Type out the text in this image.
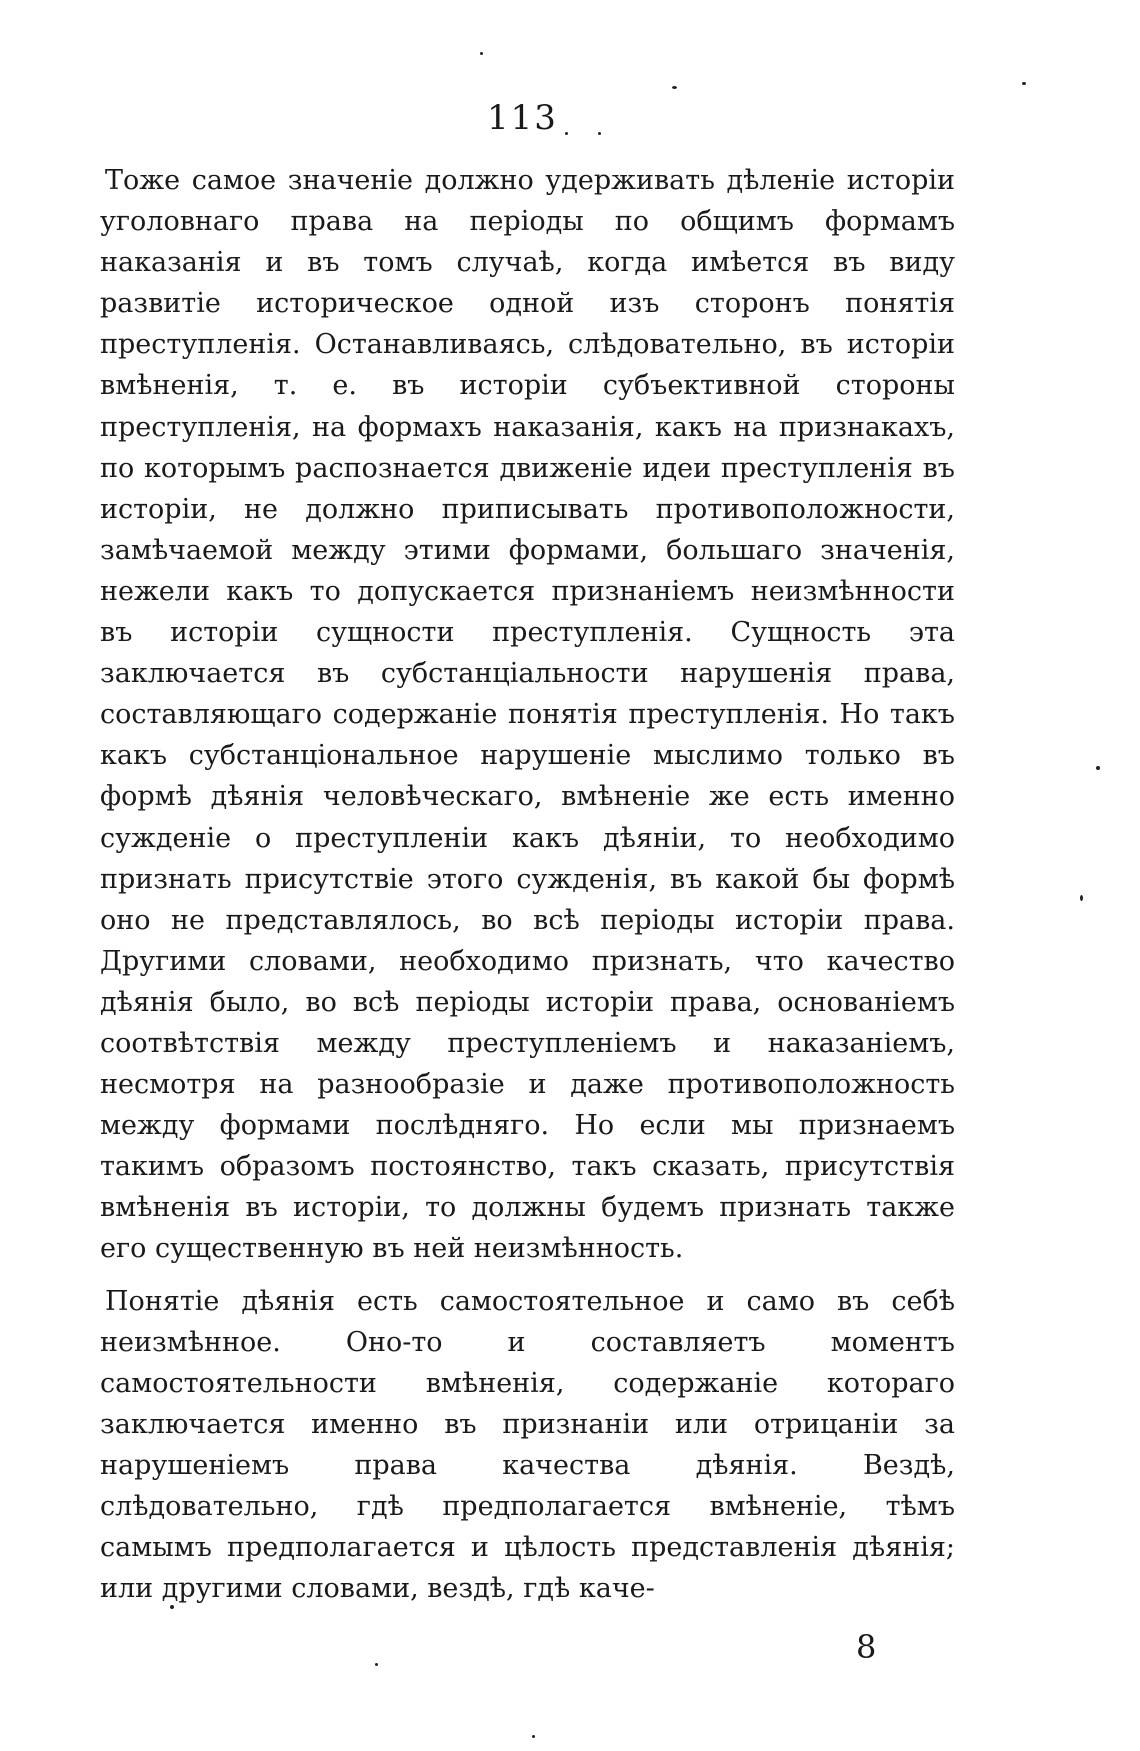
113

Тоже самое значеніе должно удерживать дѣленіе исторіи уголовнаго права на періоды по общимъ формамъ наказанія и въ томъ случаѣ, когда имѣется въ виду развитіе историческое одной изъ сторонъ понятія преступленія. Останавливаясь, слѣдовательно, въ исторіи вмѣненія, т. е. въ исторіи субъективной стороны преступленія, на формахъ наказанія, какъ на признакахъ, по которымъ распознается движеніе идеи преступленія въ исторіи, не должно приписывать противоположности, замѣчаемой между этими формами, большаго значенія, нежели какъ то допускается признаніемъ неизмѣнности въ исторіи сущности преступленія. Сущность эта заключается въ субстанціальности нарушенія права, составляющаго содержаніе понятія преступленія. Но такъ какъ субстанціональное нарушеніе мыслимо только въ формѣ дѣянія человѣческаго, вмѣненіе же есть именно сужденіе о преступленіи какъ дѣяніи, то необходимо признать присутствіе этого сужденія, въ какой бы формѣ оно не представлялось, во всѣ періоды исторіи права. Другими словами, необходимо признать, что качество дѣянія было, во всѣ періоды исторіи права, основаніемъ соотвѣтствія между преступленіемъ и наказаніемъ, несмотря на разнообразіе и даже противоположность между формами послѣдняго. Но если мы признаемъ такимъ образомъ постоянство, такъ сказать, присутствія вмѣненія въ исторіи, то должны будемъ признать также его существенную въ ней неизмѣнность.

Понятіе дѣянія есть самостоятельное и само въ себѣ неизмѣнное. Оно-то и составляетъ моментъ самостоятельности вмѣненія, содержаніе котораго заключается именно въ признаніи или отрицаніи за нарушеніемъ права качества дѣянія. Вездѣ, слѣдовательно, гдѣ предполагается вмѣненіе, тѣмъ самымъ предполагается и цѣлость представленія дѣянія; или другими словами, вездѣ, гдѣ каче-

8
